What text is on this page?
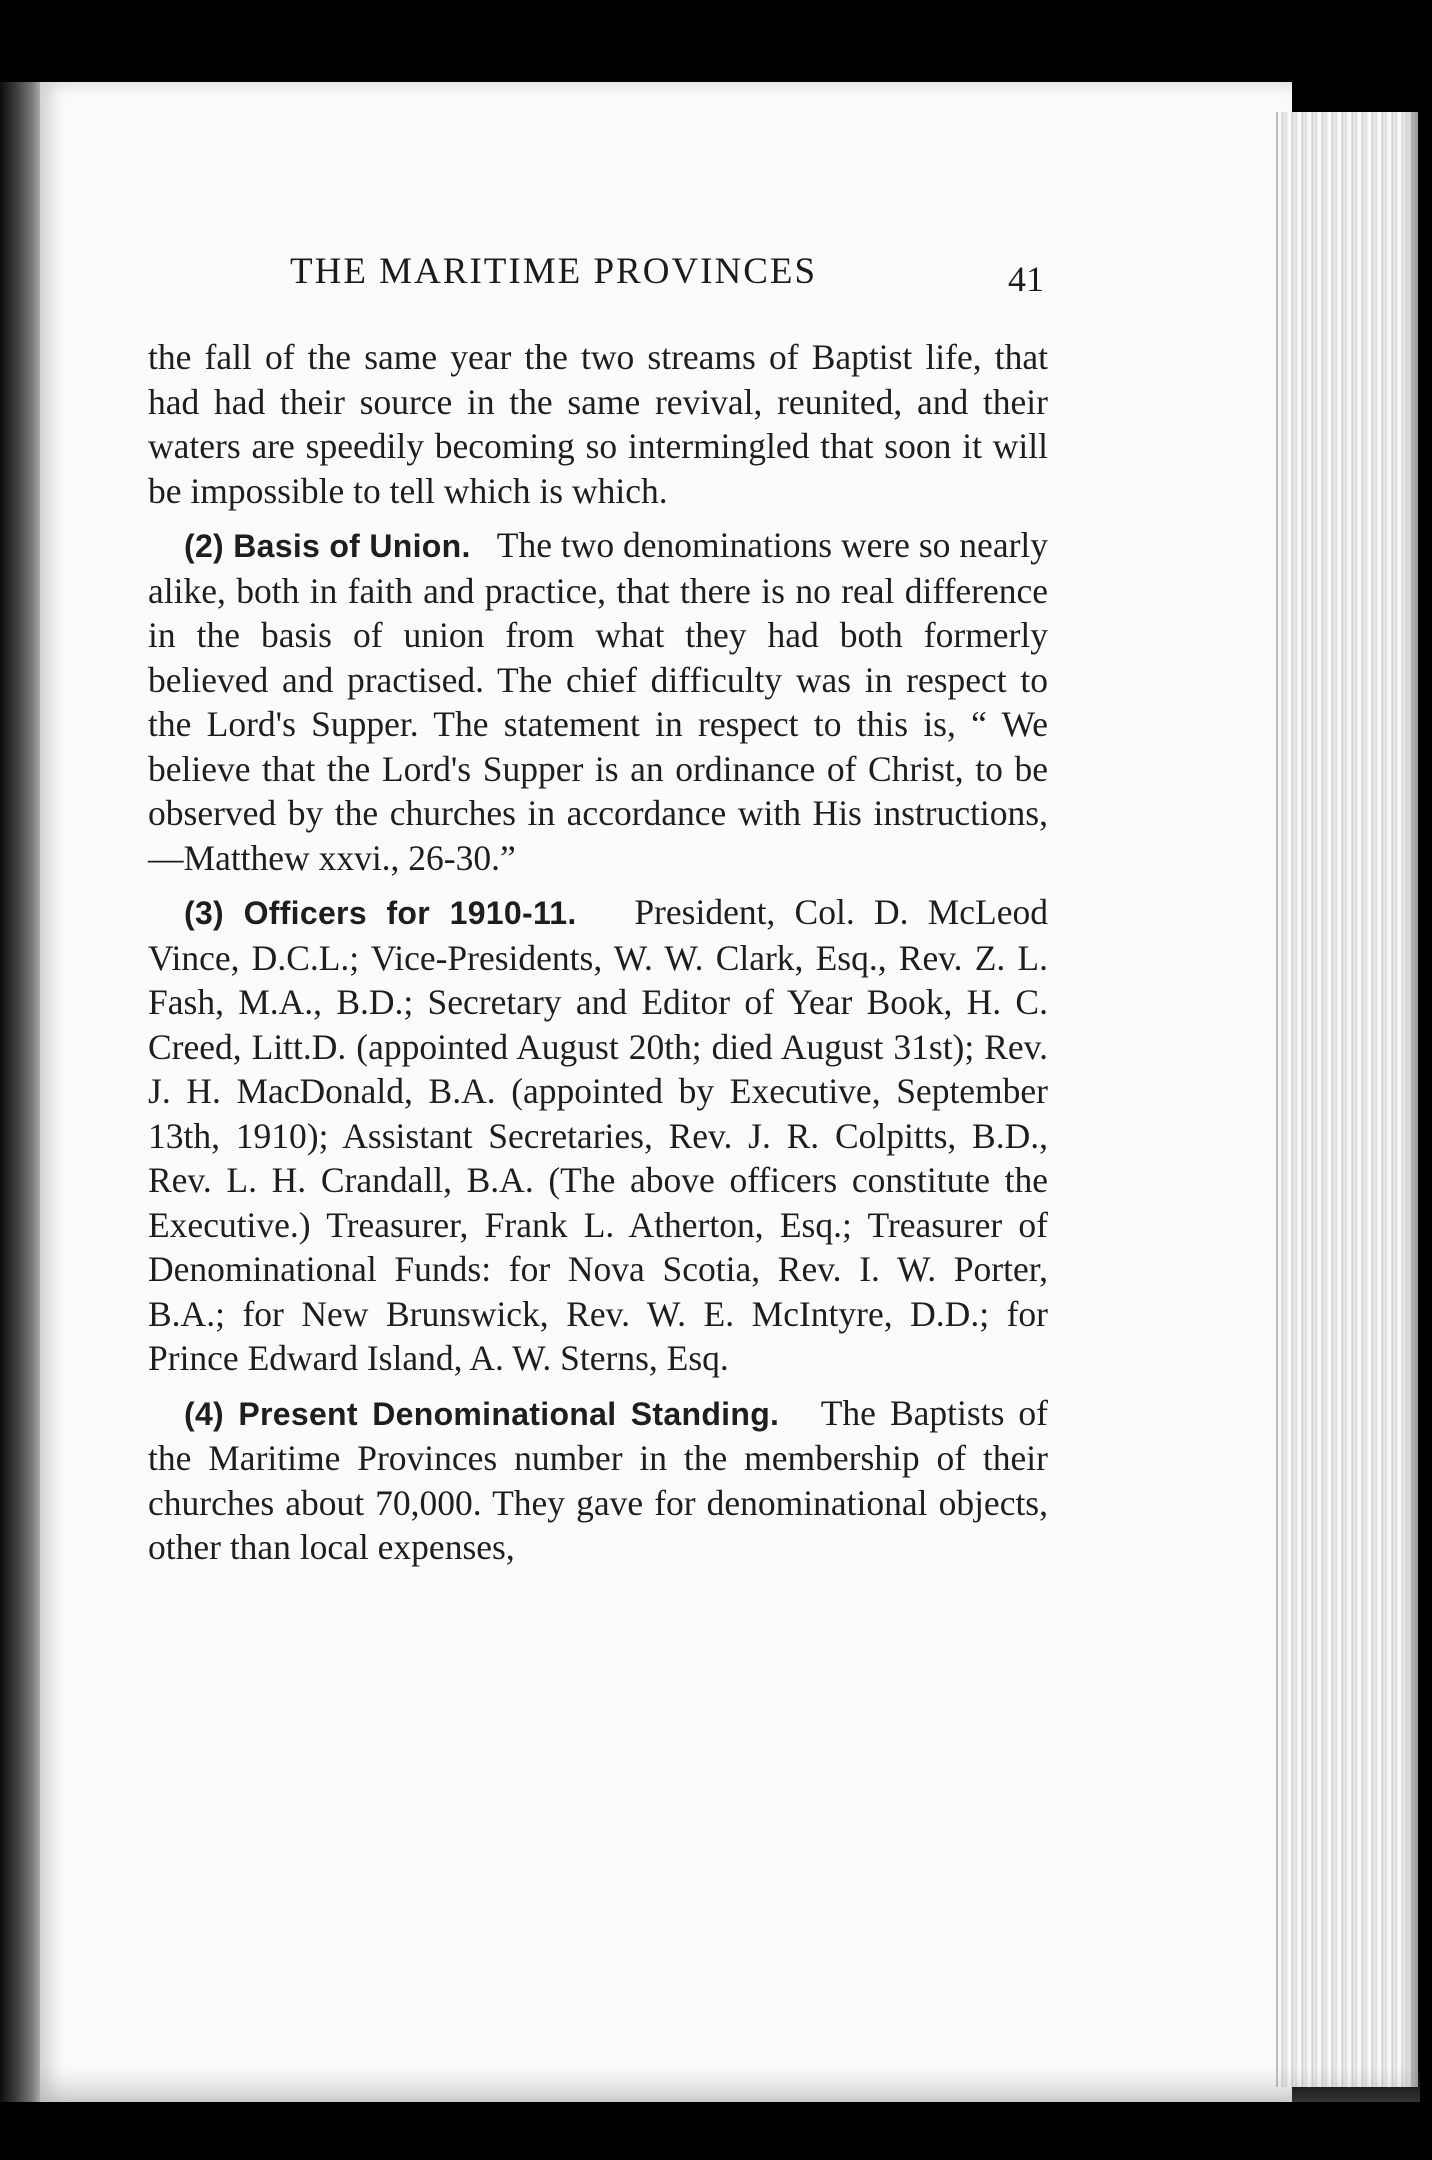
THE MARITIME PROVINCES	41

the fall of the same year the two streams of Baptist life, that had had their source in the same revival, reunited, and their waters are speedily becoming so intermingled that soon it will be impossible to tell which is which.

(2) Basis of Union. The two denominations were so nearly alike, both in faith and practice, that there is no real difference in the basis of union from what they had both formerly believed and practised. The chief difficulty was in respect to the Lord's Supper. The statement in respect to this is, “ We believe that the Lord's Supper is an ordinance of Christ, to be observed by the churches in accordance with His instructions,—Matthew xxvi., 26-30.”

(3) Officers for 1910-11. President, Col. D. McLeod Vince, D.C.L.; Vice-Presidents, W. W. Clark, Esq., Rev. Z. L. Fash, M.A., B.D.; Secretary and Editor of Year Book, H. C. Creed, Litt.D. (appointed August 20th; died August 31st); Rev. J. H. MacDonald, B.A. (appointed by Executive, September 13th, 1910); Assistant Secretaries, Rev. J. R. Colpitts, B.D., Rev. L. H. Crandall, B.A. (The above officers constitute the Executive.) Treasurer, Frank L. Atherton, Esq.; Treasurer of Denominational Funds: for Nova Scotia, Rev. I. W. Porter, B.A.; for New Brunswick, Rev. W. E. McIntyre, D.D.; for Prince Edward Island, A. W. Sterns, Esq.

(4) Present Denominational Standing. The Baptists of the Maritime Provinces number in the membership of their churches about 70,000. They gave for denominational objects, other than local expenses,
